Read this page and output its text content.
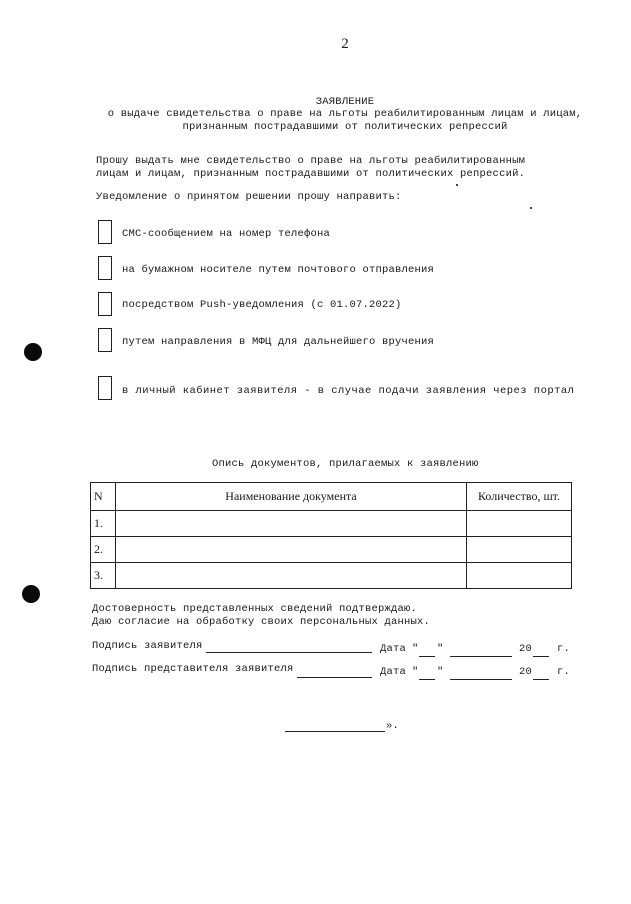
2
ЗАЯВЛЕНИЕ
о выдаче свидетельства о праве на льготы реабилитированным лицам и лицам,
признанным пострадавшими от политических репрессий
Прошу выдать мне свидетельство о праве на льготы реабилитированным
лицам и лицам, признанным пострадавшими от политических репрессий.
Уведомление о принятом решении прошу направить:
СМС-сообщением на номер телефона
на бумажном носителе путем почтового отправления
посредством Push-уведомления (с 01.07.2022)
путем направления в МФЦ для дальнейшего вручения
в личный кабинет заявителя - в случае подачи заявления через портал
Опись документов, прилагаемых к заявлению
N	Наименование документа	Количество, шт.
1.		
2.		
3.		
Достоверность представленных сведений подтверждаю.
Даю согласие на обработку своих персональных данных.
Подпись заявителя	Дата " "	20 г.
Подпись представителя заявителя	Дата " "	20 г.
».
